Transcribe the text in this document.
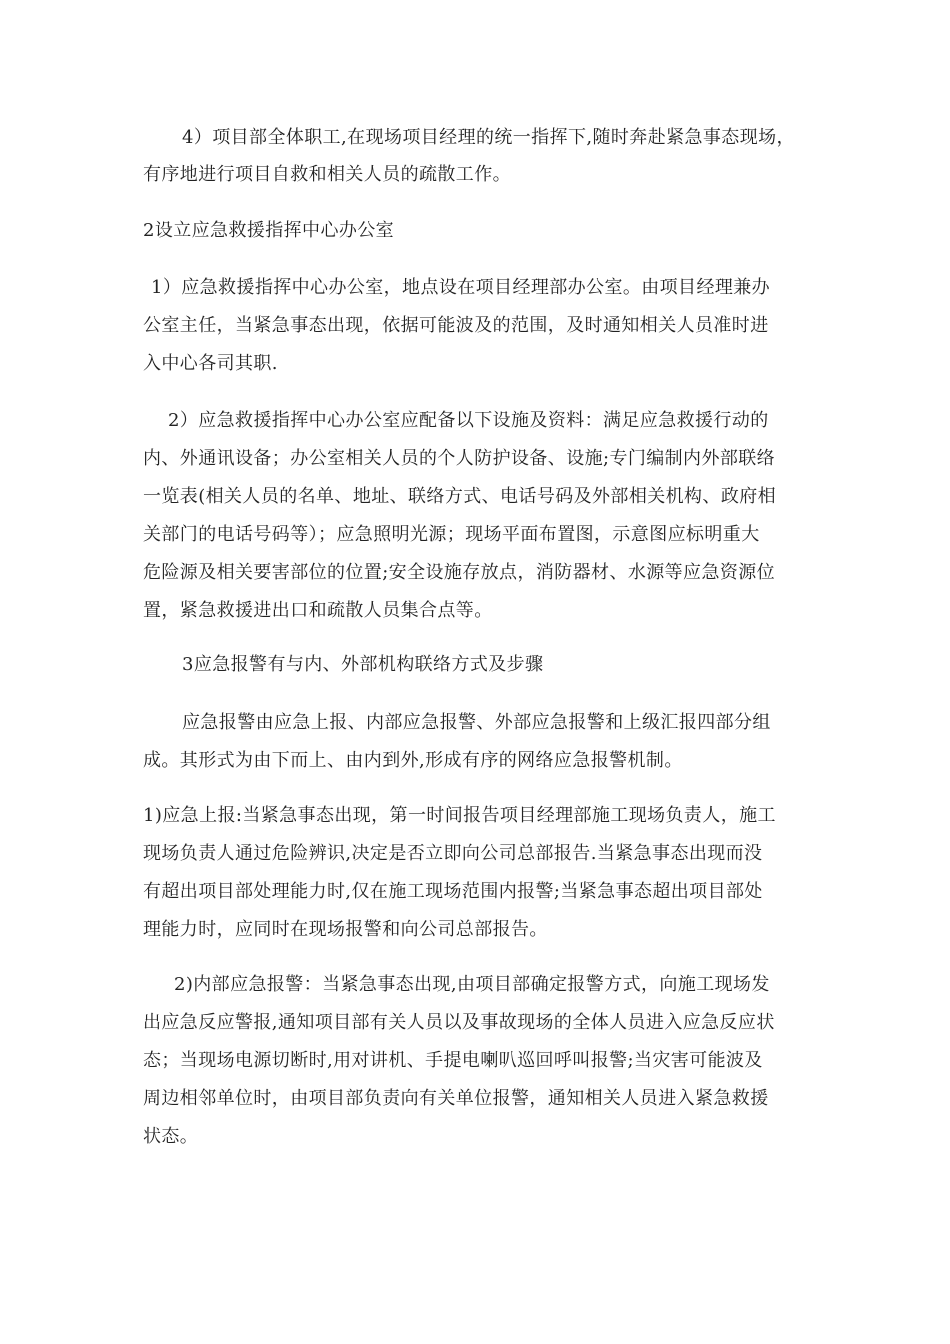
4）项目部全体职工,在现场项目经理的统一指挥下,随时奔赴紧急事态现场，

有序地进行项目自救和相关人员的疏散工作。

2设立应急救援指挥中心办公室

1）应急救援指挥中心办公室，地点设在项目经理部办公室。由项目经理兼办

公室主任，当紧急事态出现，依据可能波及的范围，及时通知相关人员准时进

入中心各司其职.

2）应急救援指挥中心办公室应配备以下设施及资料：满足应急救援行动的

内、外通讯设备；办公室相关人员的个人防护设备、设施;专门编制内外部联络

一览表(相关人员的名单、地址、联络方式、电话号码及外部相关机构、政府相

关部门的电话号码等）；应急照明光源；现场平面布置图，示意图应标明重大

危险源及相关要害部位的位置;安全设施存放点，消防器材、水源等应急资源位

置，紧急救援进出口和疏散人员集合点等。

3应急报警有与内、外部机构联络方式及步骤

应急报警由应急上报、内部应急报警、外部应急报警和上级汇报四部分组

成。其形式为由下而上、由内到外,形成有序的网络应急报警机制。

1)应急上报:当紧急事态出现，第一时间报告项目经理部施工现场负责人，施工

现场负责人通过危险辨识,决定是否立即向公司总部报告.当紧急事态出现而没

有超出项目部处理能力时,仅在施工现场范围内报警;当紧急事态超出项目部处

理能力时，应同时在现场报警和向公司总部报告。

2)内部应急报警：当紧急事态出现,由项目部确定报警方式，向施工现场发

出应急反应警报,通知项目部有关人员以及事故现场的全体人员进入应急反应状

态；当现场电源切断时,用对讲机、手提电喇叭巡回呼叫报警;当灾害可能波及

周边相邻单位时，由项目部负责向有关单位报警，通知相关人员进入紧急救援

状态。
